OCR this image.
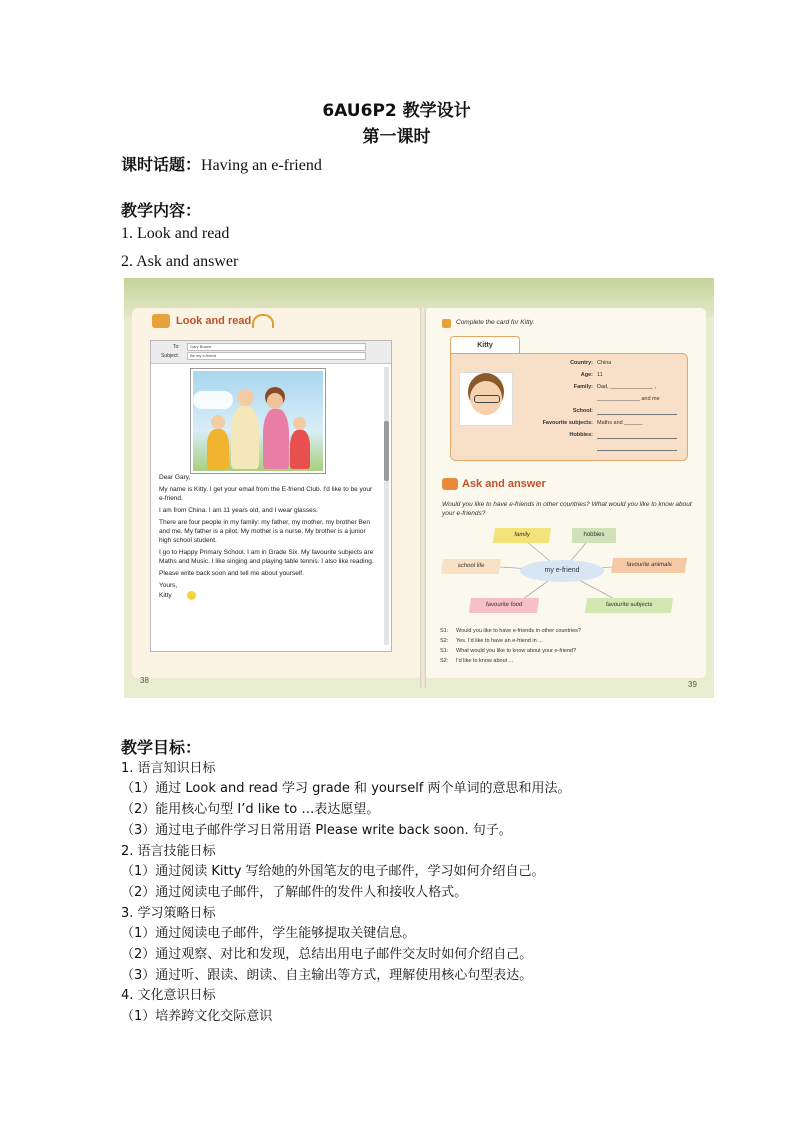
6AU6P2 教学设计
第一课时
课时话题：Having an e-friend
教学内容：
1. Look and read
2. Ask and answer
Look and read
To:	Gary Brown
Subject:	Be my e-friend

Dear Gary,

My name is Kitty. I get your email from the E-friend Club. I'd like to be your e-friend.

I am from China. I am 11 years old, and I wear glasses.

There are four people in my family: my father, my mother, my brother Ben and me. My father is a pilot. My mother is a nurse. My brother is a junior high school student.

I go to Happy Primary School. I am in Grade Six. My favourite subjects are Maths and Music. I like singing and playing table tennis. I also like reading.

Please write back soon and tell me about yourself.

Yours,

Kitty

38	39
Complete the card for Kitty.
Kitty
Country: China
Age: 11
Family: Dad, ______________ ,
______________ and me
School:
Favourite subjects: Maths and ______
Hobbies:

Ask and answer
Would you like to have e-friends in other countries? What would you like to know about your e-friends?
my e-friend
family	hobbies
school life	favourite animals
favourite food	favourite subjects
S1: Would you like to have e-friends in other countries?
S2: Yes. I'd like to have an e-friend in ...
S1: What would you like to know about your e-friend?
S2: I'd like to know about ...
教学目标：
1. 语言知识日标
（1）通过 Look and read 学习 grade 和 yourself 两个单词的意思和用法。
（2）能用核心句型 I’d like to …表达愿望。
（3）通过电子邮件学习日常用语 Please write back soon. 句子。
2. 语言技能日标
（1）通过阅读 Kitty 写给她的外国笔友的电子邮件，学习如何介绍自己。
（2）通过阅读电子邮件，了解邮件的发件人和接收人格式。
3. 学习策略日标
（1）通过阅读电子邮件，学生能够提取关键信息。
（2）通过观察、对比和发现，总结出用电子邮件交友时如何介绍自己。
（3）通过听、跟读、朗读、自主输出等方式，理解使用核心句型表达。
4. 文化意识日标
（1）培养跨文化交际意识
